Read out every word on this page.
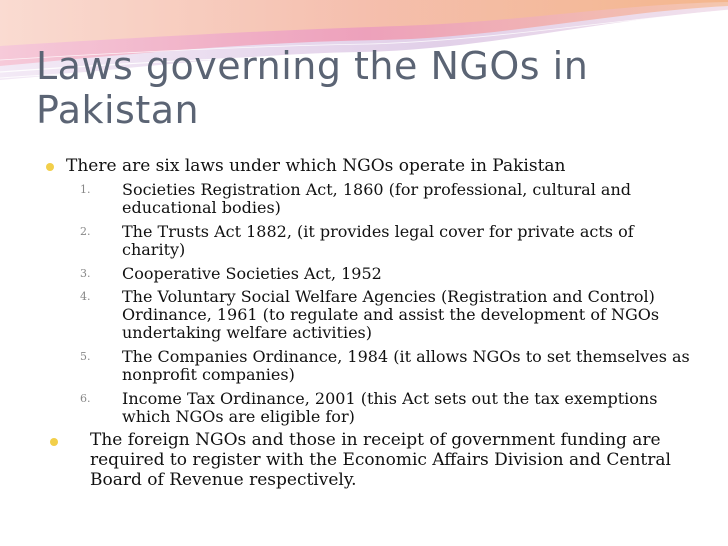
Laws governing the NGOs in Pakistan
There are six laws under which NGOs operate in Pakistan
1. Societies Registration Act, 1860 (for professional, cultural and educational bodies)
2. The Trusts Act 1882, (it provides legal cover for private acts of charity)
3. Cooperative Societies Act, 1952
4. The Voluntary Social Welfare Agencies (Registration and Control) Ordinance, 1961 (to regulate and assist the development of NGOs undertaking welfare activities)
5. The Companies Ordinance, 1984 (it allows NGOs to set themselves as nonprofit companies)
6. Income Tax Ordinance, 2001 (this Act sets out the tax exemptions which NGOs are eligible for)
The foreign NGOs and those in receipt of government funding are required to register with the Economic Affairs Division and Central Board of Revenue respectively.
